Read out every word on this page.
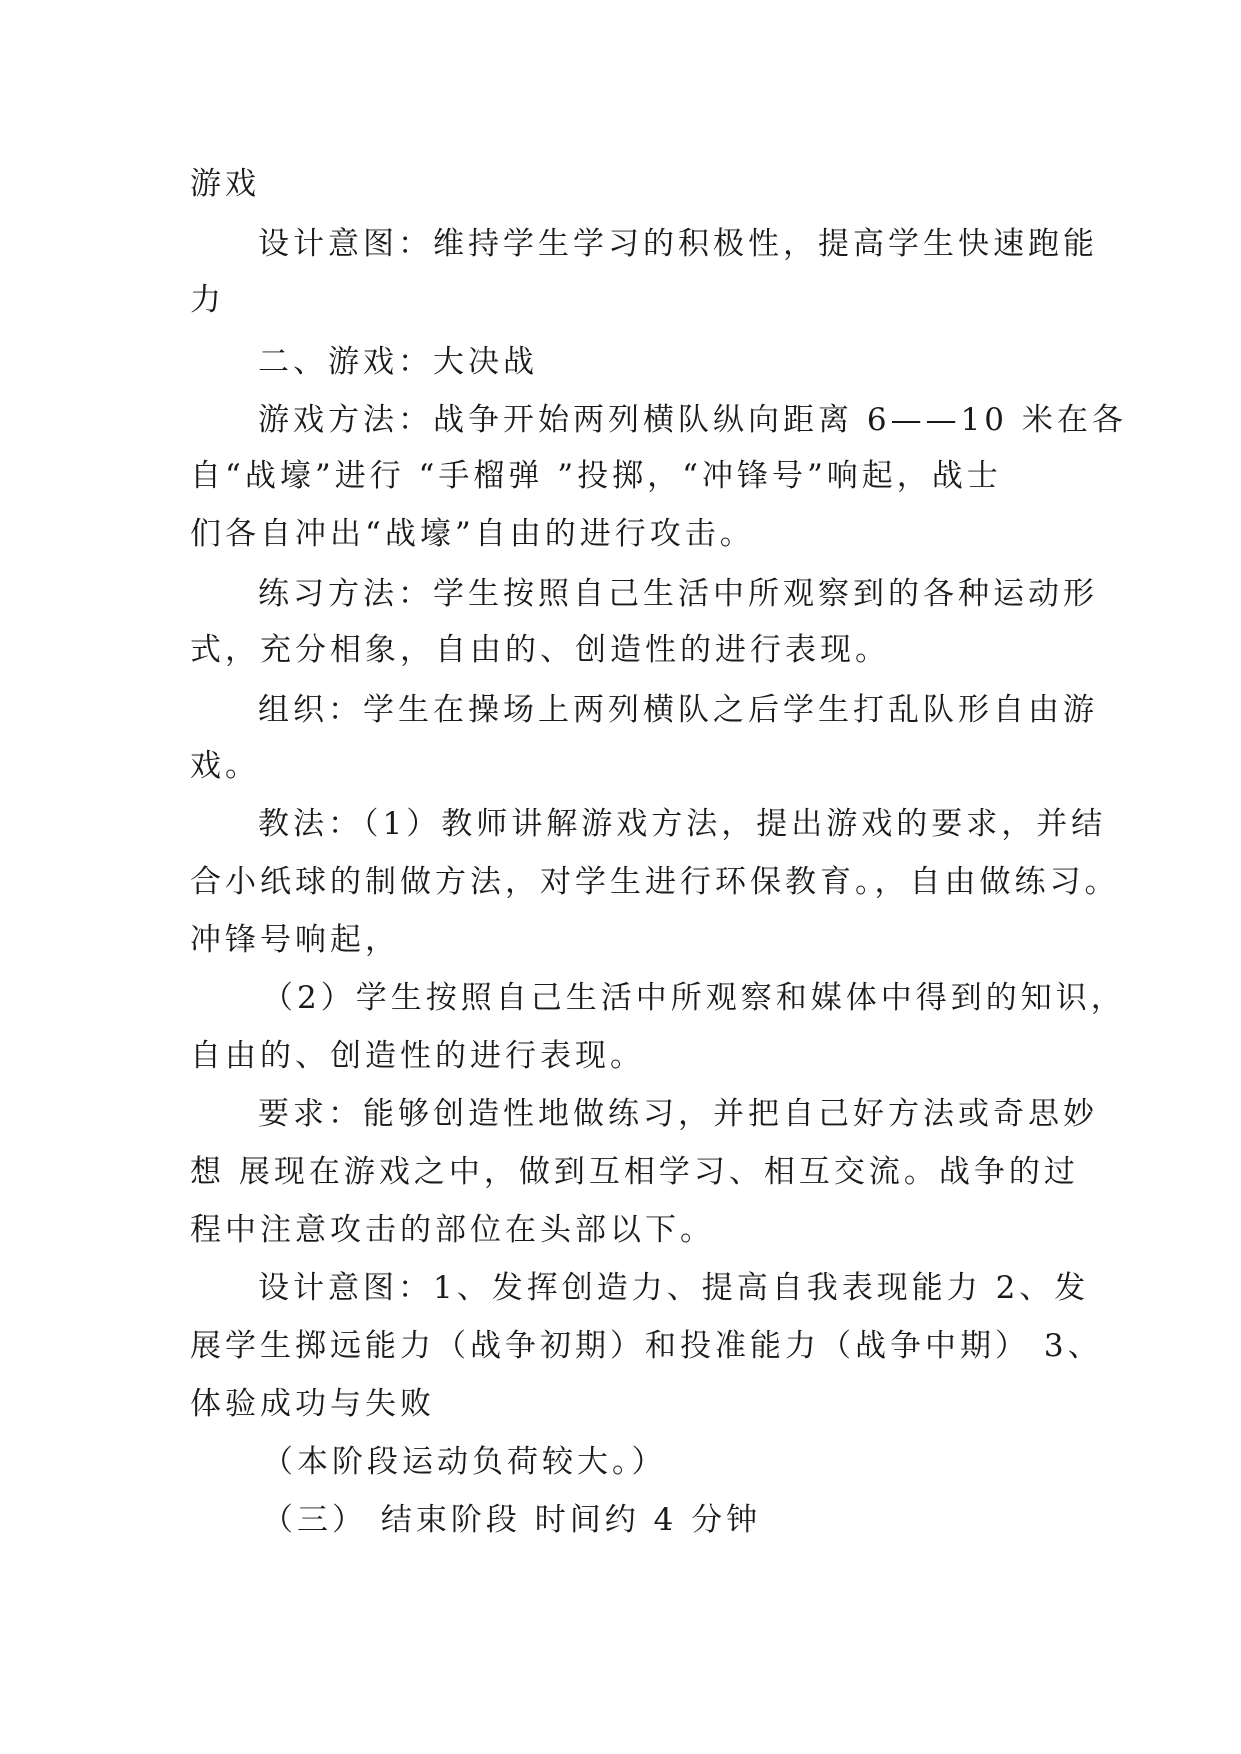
游戏
设计意图：维持学生学习的积极性，提高学生快速跑能
力
二、游戏：大决战
游戏方法：战争开始两列横队纵向距离 6——10 米在各
自“战壕”进行 “手榴弹 ”投掷，“冲锋号”响起，战士
们各自冲出“战壕”自由的进行攻击。
练习方法：学生按照自己生活中所观察到的各种运动形
式，充分相象，自由的、创造性的进行表现。
组织：学生在操场上两列横队之后学生打乱队形自由游
戏。
教法：（1）教师讲解游戏方法，提出游戏的要求，并结
合小纸球的制做方法，对学生进行环保教育。，自由做练习。
冲锋号响起，
（2）学生按照自己生活中所观察和媒体中得到的知识，
自由的、创造性的进行表现。
要求：能够创造性地做练习，并把自己好方法或奇思妙
想 展现在游戏之中，做到互相学习、相互交流。战争的过
程中注意攻击的部位在头部以下。
设计意图：1、发挥创造力、提高自我表现能力 2、发
展学生掷远能力（战争初期）和投准能力（战争中期） 3、
体验成功与失败
（本阶段运动负荷较大。）
（三） 结束阶段 时间约 4 分钟
